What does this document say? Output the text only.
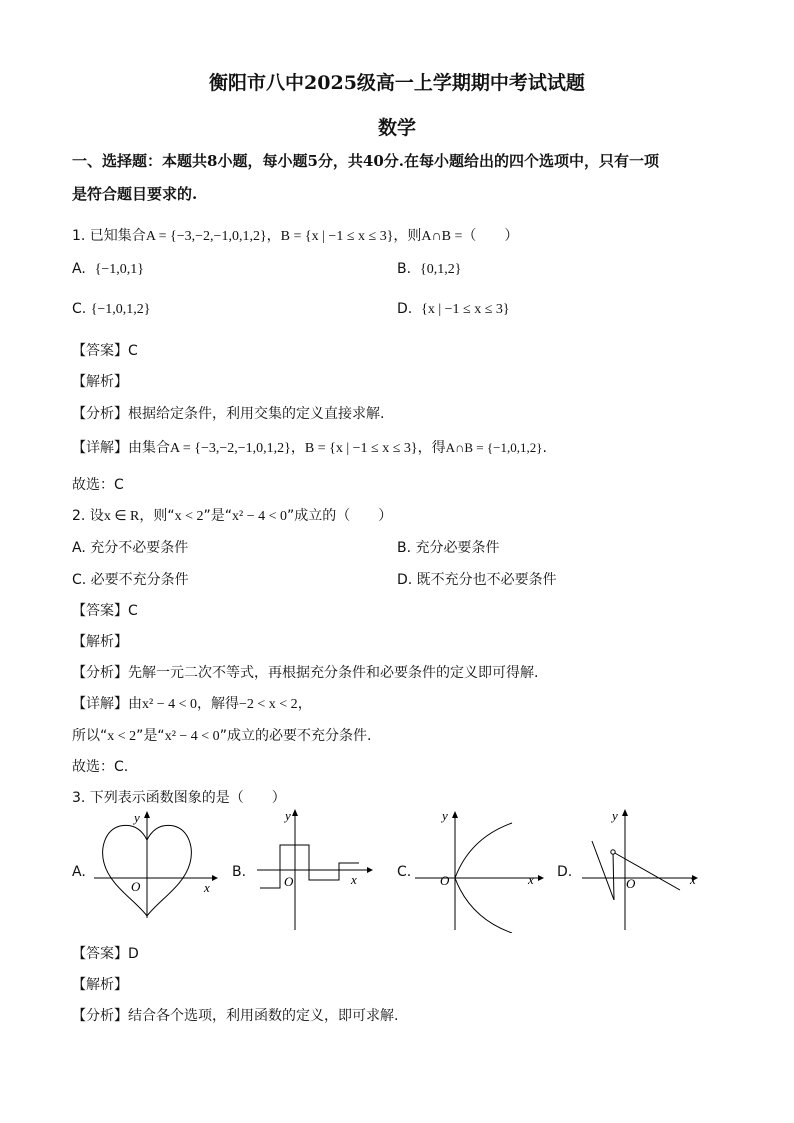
衡阳市八中2025级高一上学期期中考试试题
数学
一、选择题：本题共8小题，每小题5分，共40分.在每小题给出的四个选项中，只有一项
是符合题目要求的.
1. 已知集合A = {−3,−2,−1,0,1,2}，B = {x | −1 ≤ x ≤ 3}，则A∩B =（　　）
A. {−1,0,1}	B. {0,1,2}
C. {−1,0,1,2}	D. {x | −1 ≤ x ≤ 3}
【答案】C
【解析】
【分析】根据给定条件，利用交集的定义直接求解.
【详解】由集合A = {−3,−2,−1,0,1,2}，B = {x | −1 ≤ x ≤ 3}，得A∩B = {−1,0,1,2}.
故选：C
2. 设x ∈ R，则“x < 2”是“x² − 4 < 0”成立的（　　）
A. 充分不必要条件	B. 充分必要条件
C. 必要不充分条件	D. 既不充分也不必要条件
【答案】C
【解析】
【分析】先解一元二次不等式，再根据充分条件和必要条件的定义即可得解.
【详解】由x² − 4 < 0，解得−2 < x < 2，
所以“x < 2”是“x² − 4 < 0”成立的必要不充分条件.
故选：C.
3. 下列表示函数图象的是（　　）
A.
O	x
y
B.
O	x
y
C.
O	x
y
D.
O	x
y
【答案】D
【解析】
【分析】结合各个选项，利用函数的定义，即可求解.
